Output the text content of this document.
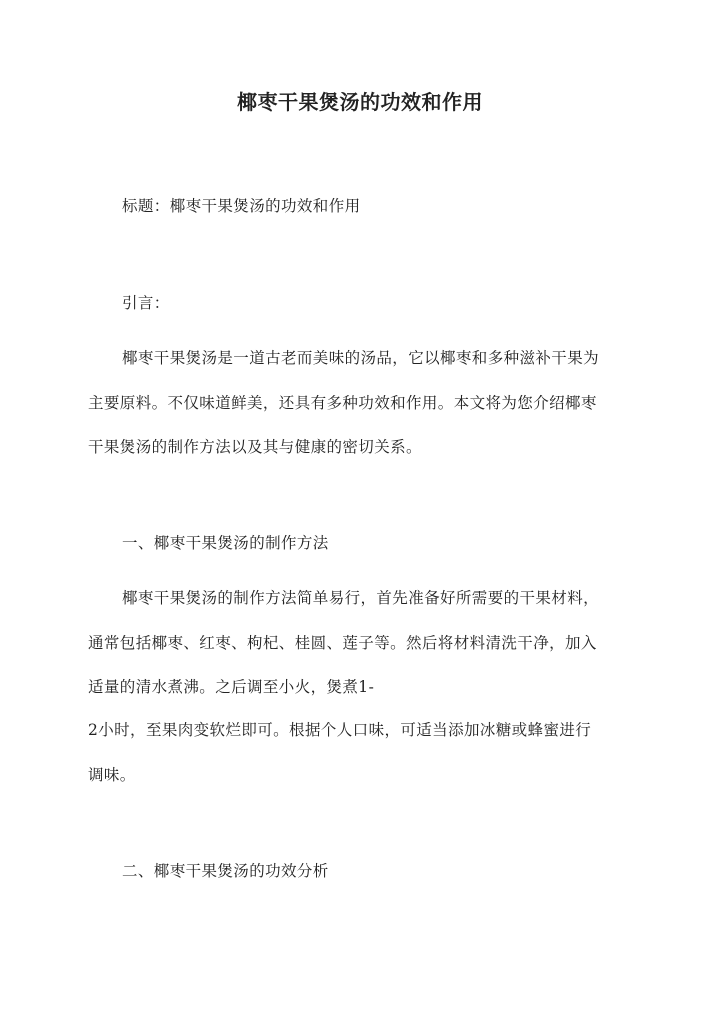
椰枣干果煲汤的功效和作用
标题：椰枣干果煲汤的功效和作用
引言：
椰枣干果煲汤是一道古老而美味的汤品，它以椰枣和多种滋补干果为
主要原料。不仅味道鲜美，还具有多种功效和作用。本文将为您介绍椰枣
干果煲汤的制作方法以及其与健康的密切关系。
一、椰枣干果煲汤的制作方法
椰枣干果煲汤的制作方法简单易行，首先准备好所需要的干果材料，
通常包括椰枣、红枣、枸杞、桂圆、莲子等。然后将材料清洗干净，加入
适量的清水煮沸。之后调至小火，煲煮1-
2小时，至果肉变软烂即可。根据个人口味，可适当添加冰糖或蜂蜜进行
调味。
二、椰枣干果煲汤的功效分析
